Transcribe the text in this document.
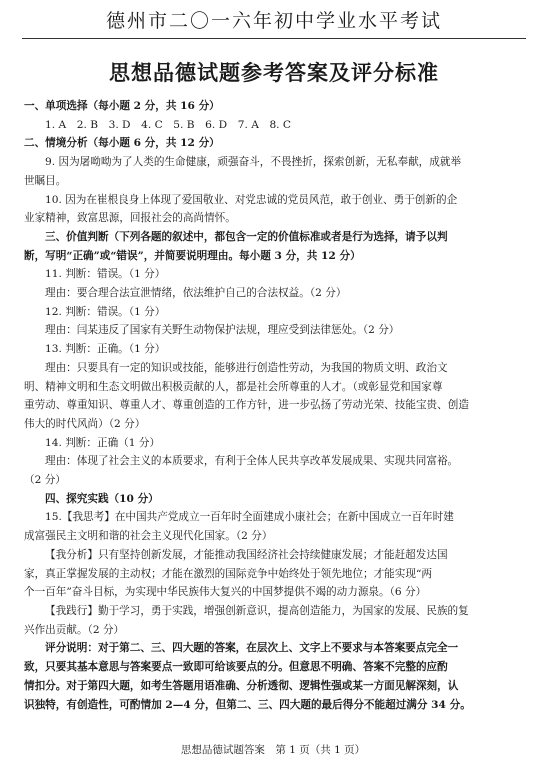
德州市二〇一六年初中学业水平考试
思想品德试题参考答案及评分标准
一、单项选择（每小题 2 分，共 16 分）
1. A　2. B　3. D　4. C　5. B　6. D　7. A　8. C
二、情境分析（每小题 6 分，共 12 分）
9. 因为屠呦呦为了人类的生命健康，顽强奋斗，不畏挫折，探索创新，无私奉献，成就举
世瞩目。
10. 因为在崔根良身上体现了爱国敬业、对党忠诚的党员风范，敢于创业、勇于创新的企
业家精神，致富思源，回报社会的高尚情怀。
三、价值判断（下列各题的叙述中，都包含一定的价值标准或者是行为选择，请予以判
断，写明“正确”或“错误”，并简要说明理由。每小题 3 分，共 12 分）
11. 判断：错误。（1 分）
理由：要合理合法宣泄情绪，依法维护自己的合法权益。（2 分）
12. 判断：错误。（1 分）
理由：闫某违反了国家有关野生动物保护法规，理应受到法律惩处。（2 分）
13. 判断：正确。（1 分）
理由：只要具有一定的知识或技能，能够进行创造性劳动，为我国的物质文明、政治文
明、精神文明和生态文明做出积极贡献的人，都是社会所尊重的人才。（或彰显党和国家尊
重劳动、尊重知识、尊重人才、尊重创造的工作方针，进一步弘扬了劳动光荣、技能宝贵、创造
伟大的时代风尚）（2 分）
14. 判断：正确（1 分）
理由：体现了社会主义的本质要求，有利于全体人民共享改革发展成果、实现共同富裕。
（2 分）
四、探究实践（10 分）
15.【我思考】在中国共产党成立一百年时全面建成小康社会；在新中国成立一百年时建
成富强民主文明和谐的社会主义现代化国家。（2 分）
【我分析】只有坚持创新发展，才能推动我国经济社会持续健康发展；才能赶超发达国
家，真正掌握发展的主动权；才能在激烈的国际竞争中始终处于领先地位；才能实现“两
个一百年”奋斗目标，为实现中华民族伟大复兴的中国梦提供不竭的动力源泉。（6 分）
【我践行】勤于学习，勇于实践，增强创新意识，提高创造能力，为国家的发展、民族的复
兴作出贡献。（2 分）
评分说明：对于第二、三、四大题的答案，在层次上、文字上不要求与本答案要点完全一
致，只要其基本意思与答案要点一致即可给该要点的分。但意思不明确、答案不完整的应酌
情扣分。对于第四大题，如考生答题用语准确、分析透彻、逻辑性强或某一方面见解深刻，认
识独特，有创造性，可酌情加 2—4 分，但第二、三、四大题的最后得分不能超过满分 34 分。
思想品德试题答案　第 1 页（共 1 页）
